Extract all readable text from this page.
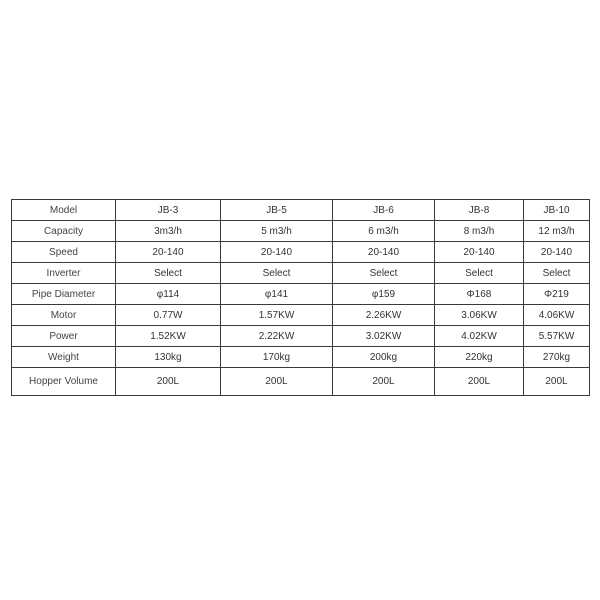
Model	JB-3	JB-5	JB-6	JB-8	JB-10
Capacity	3m3/h	5 m3/h	6 m3/h	8 m3/h	12 m3/h
Speed	20-140	20-140	20-140	20-140	20-140
Inverter	Select	Select	Select	Select	Select
Pipe Diameter	φ114	φ141	φ159	Φ168	Φ219
Motor	0.77W	1.57KW	2.26KW	3.06KW	4.06KW
Power	1.52KW	2.22KW	3.02KW	4.02KW	5.57KW
Weight	130kg	170kg	200kg	220kg	270kg
Hopper Volume	200L	200L	200L	200L	200L
